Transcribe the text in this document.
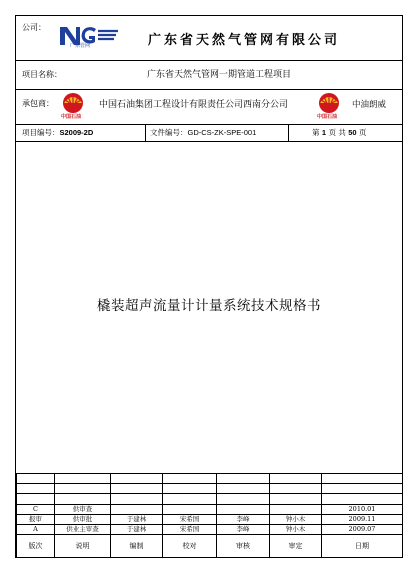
公司：
广东管网	广东省天然气管网有限公司
项目名称：	广东省天然气管网一期管道工程项目
承包商：
中国石油
中国石油集团工程设计有限责任公司西南分公司
中国石油
中油朗威
项目编号：S2009-2D	文件编号：GD-CS-ZK-SPE-001	第 1 页 共 50 页
橇装超声流量计计量系统技术规格书

C	供审查					2010.01
报审	供审批	于建林	宋希国	李峰	钟小木	2009.11
A	供业主审查	于建林	宋希国	李峰	钟小木	2009.07
版次	说明	编制	校对	审核	审定	日期
